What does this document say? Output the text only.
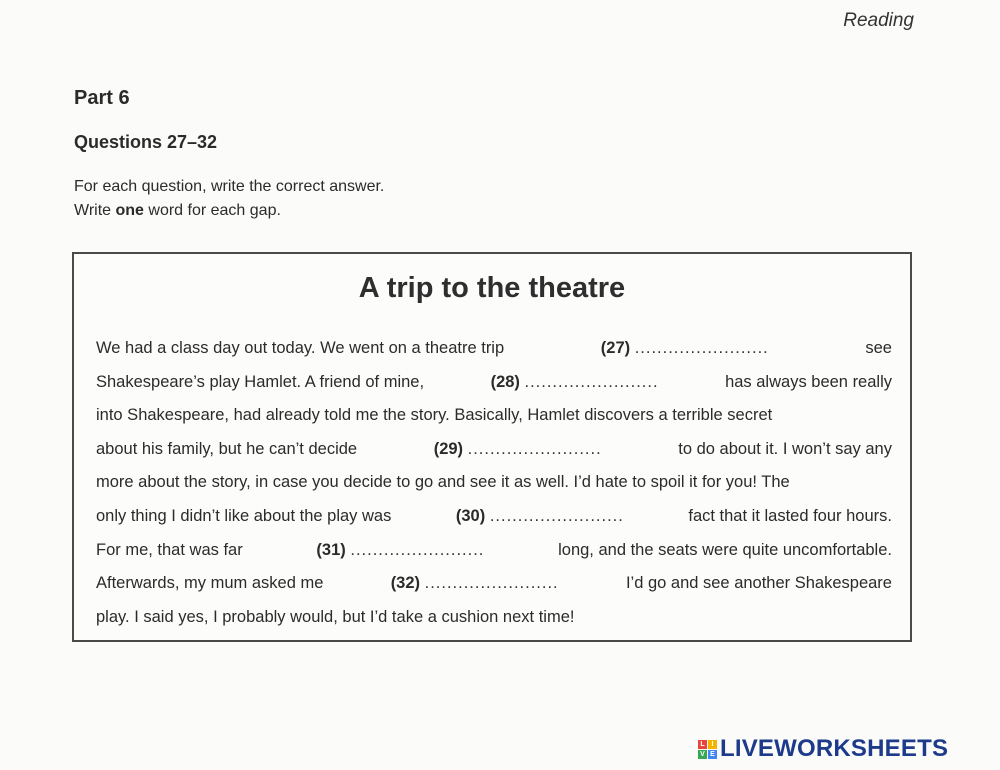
Reading
Part 6
Questions 27–32
For each question, write the correct answer.
Write one word for each gap.
A trip to the theatre
We had a class day out today. We went on a theatre trip	(27) ........................	see
Shakespeare’s play Hamlet. A friend of mine,	(28) ........................	has always been really
into Shakespeare, had already told me the story. Basically, Hamlet discovers a terrible secret
about his family, but he can’t decide	(29) ........................	to do about it. I won’t say any
more about the story, in case you decide to go and see it as well. I’d hate to spoil it for you! The
only thing I didn’t like about the play was	(30) ........................	fact that it lasted four hours.
For me, that was far	(31) ........................	long, and the seats were quite uncomfortable.
Afterwards, my mum asked me	(32) ........................	I’d go and see another Shakespeare
play. I said yes, I probably would, but I’d take a cushion next time!
L I
V E LIVEWORKSHEETS
